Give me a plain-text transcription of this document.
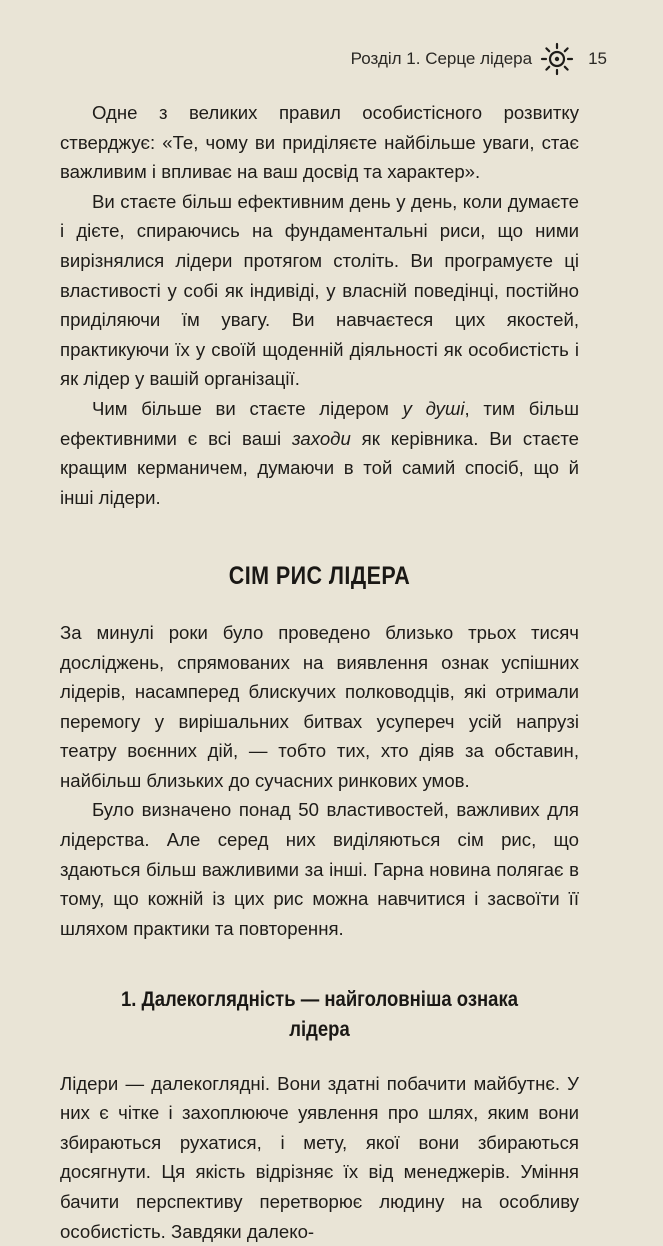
Розділ 1. Серце лідера	15

Одне з великих правил особистісного розвитку стверджує: «Те, чому ви приділяєте найбільше уваги, стає важливим і впливає на ваш досвід та характер».

Ви стаєте більш ефективним день у день, коли думаєте і дієте, спираючись на фундаментальні риси, що ними вирізнялися лідери протягом століть. Ви програмуєте ці властивості у собі як індивіді, у власній поведінці, постійно приділяючи їм увагу. Ви навчаєтеся цих якостей, практикуючи їх у своїй щоденній діяльності як особистість і як лідер у вашій організації.

Чим більше ви стаєте лідером у душі, тим більш ефективними є всі ваші заходи як керівника. Ви стаєте кращим керманичем, думаючи в той самий спосіб, що й інші лідери.

СІМ РИС ЛІДЕРА

За минулі роки було проведено близько трьох тисяч досліджень, спрямованих на виявлення ознак успішних лідерів, насамперед блискучих полководців, які отримали перемогу у вирішальних битвах усупереч усій напрузі театру воєнних дій, — тобто тих, хто діяв за обставин, найбільш близьких до сучасних ринкових умов.

Було визначено понад 50 властивостей, важливих для лідерства. Але серед них виділяються сім рис, що здаються більш важливими за інші. Гарна новина полягає в тому, що кожній із цих рис можна навчитися і засвоїти її шляхом практики та повторення.

1. Далекоглядність — найголовніша ознака лідера

Лідери — далекоглядні. Вони здатні побачити майбутнє. У них є чітке і захоплююче уявлення про шлях, яким вони збираються рухатися, і мету, якої вони збираються досягнути. Ця якість відрізняє їх від менеджерів. Уміння бачити перспективу перетворює людину на особливу особистість. Завдяки далеко-
